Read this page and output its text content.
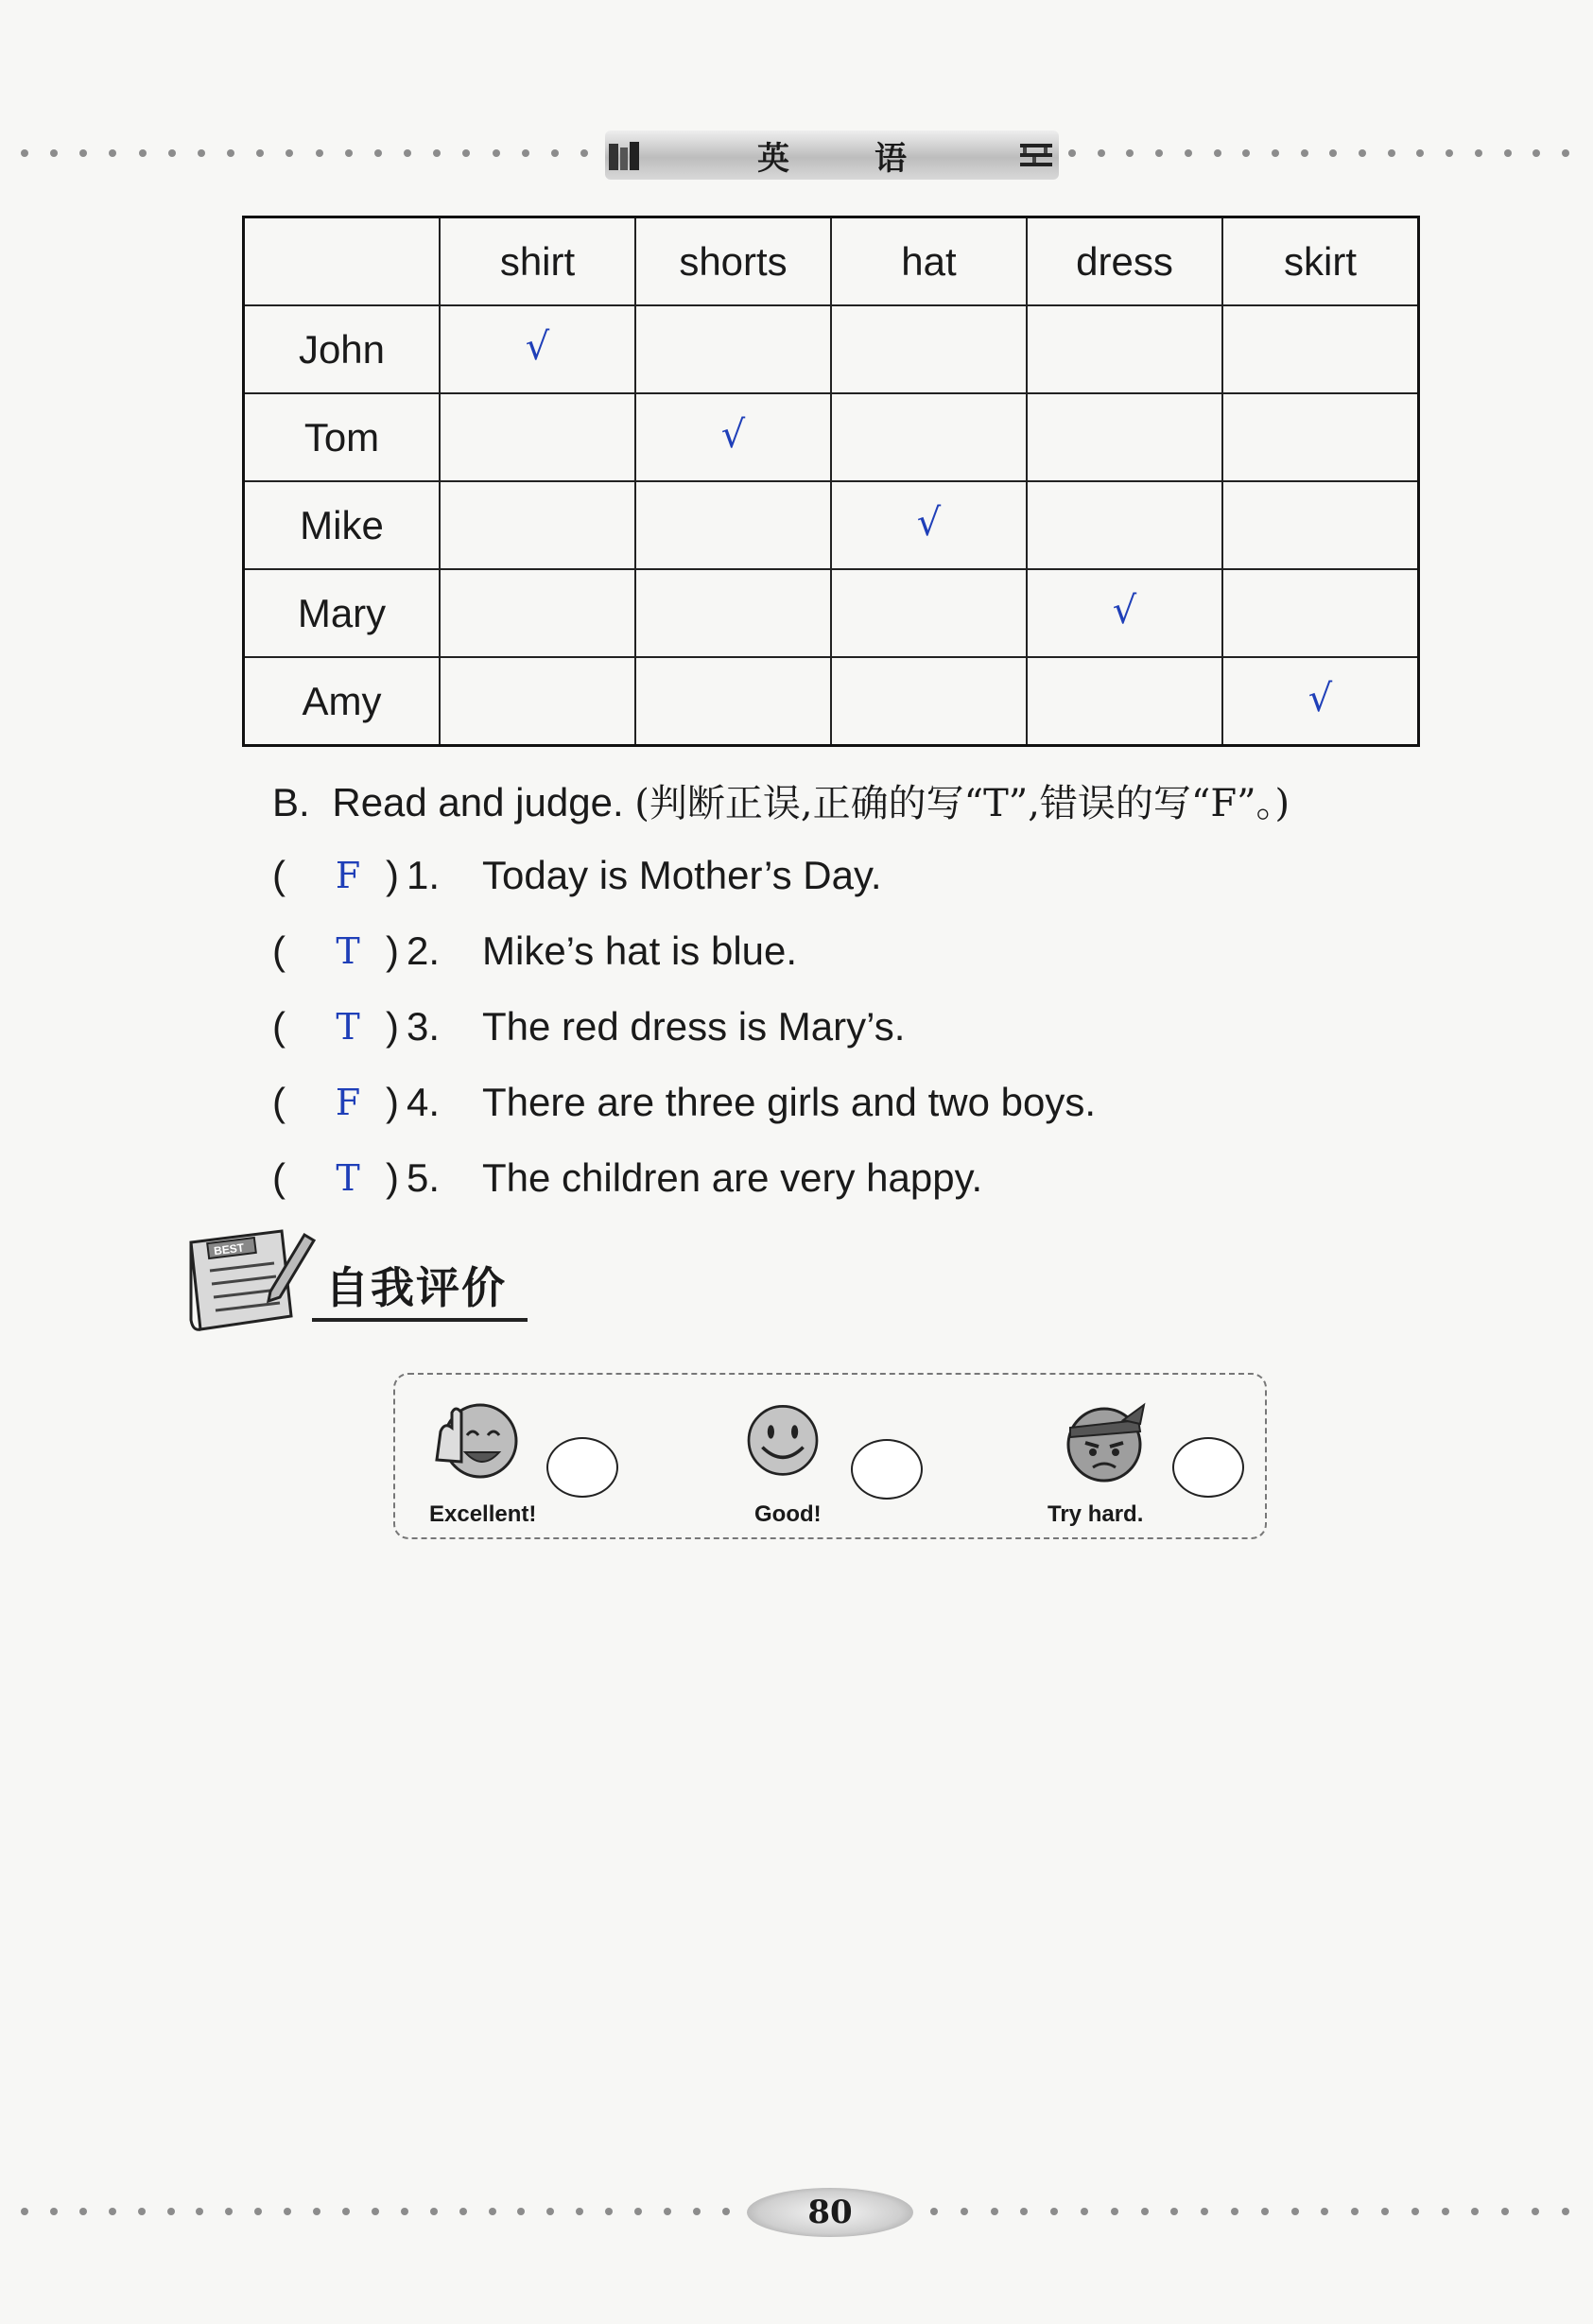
英语
	shirt	shorts	hat	dress	skirt
John	√				
Tom		√			
Mike			√		
Mary				√	
Amy					√
B. Read and judge. (判断正误,正确的写“T”,错误的写“F”。)
(	F ) 1.	Today is Mother’s Day.
(	T ) 2.	Mike’s hat is blue.
(	T ) 3.	The red dress is Mary’s.
(	F ) 4.	There are three girls and two boys.
(	T ) 5.	The children are very happy.
BEST
自我评价
Excellent!	Good!	Try hard.
80
